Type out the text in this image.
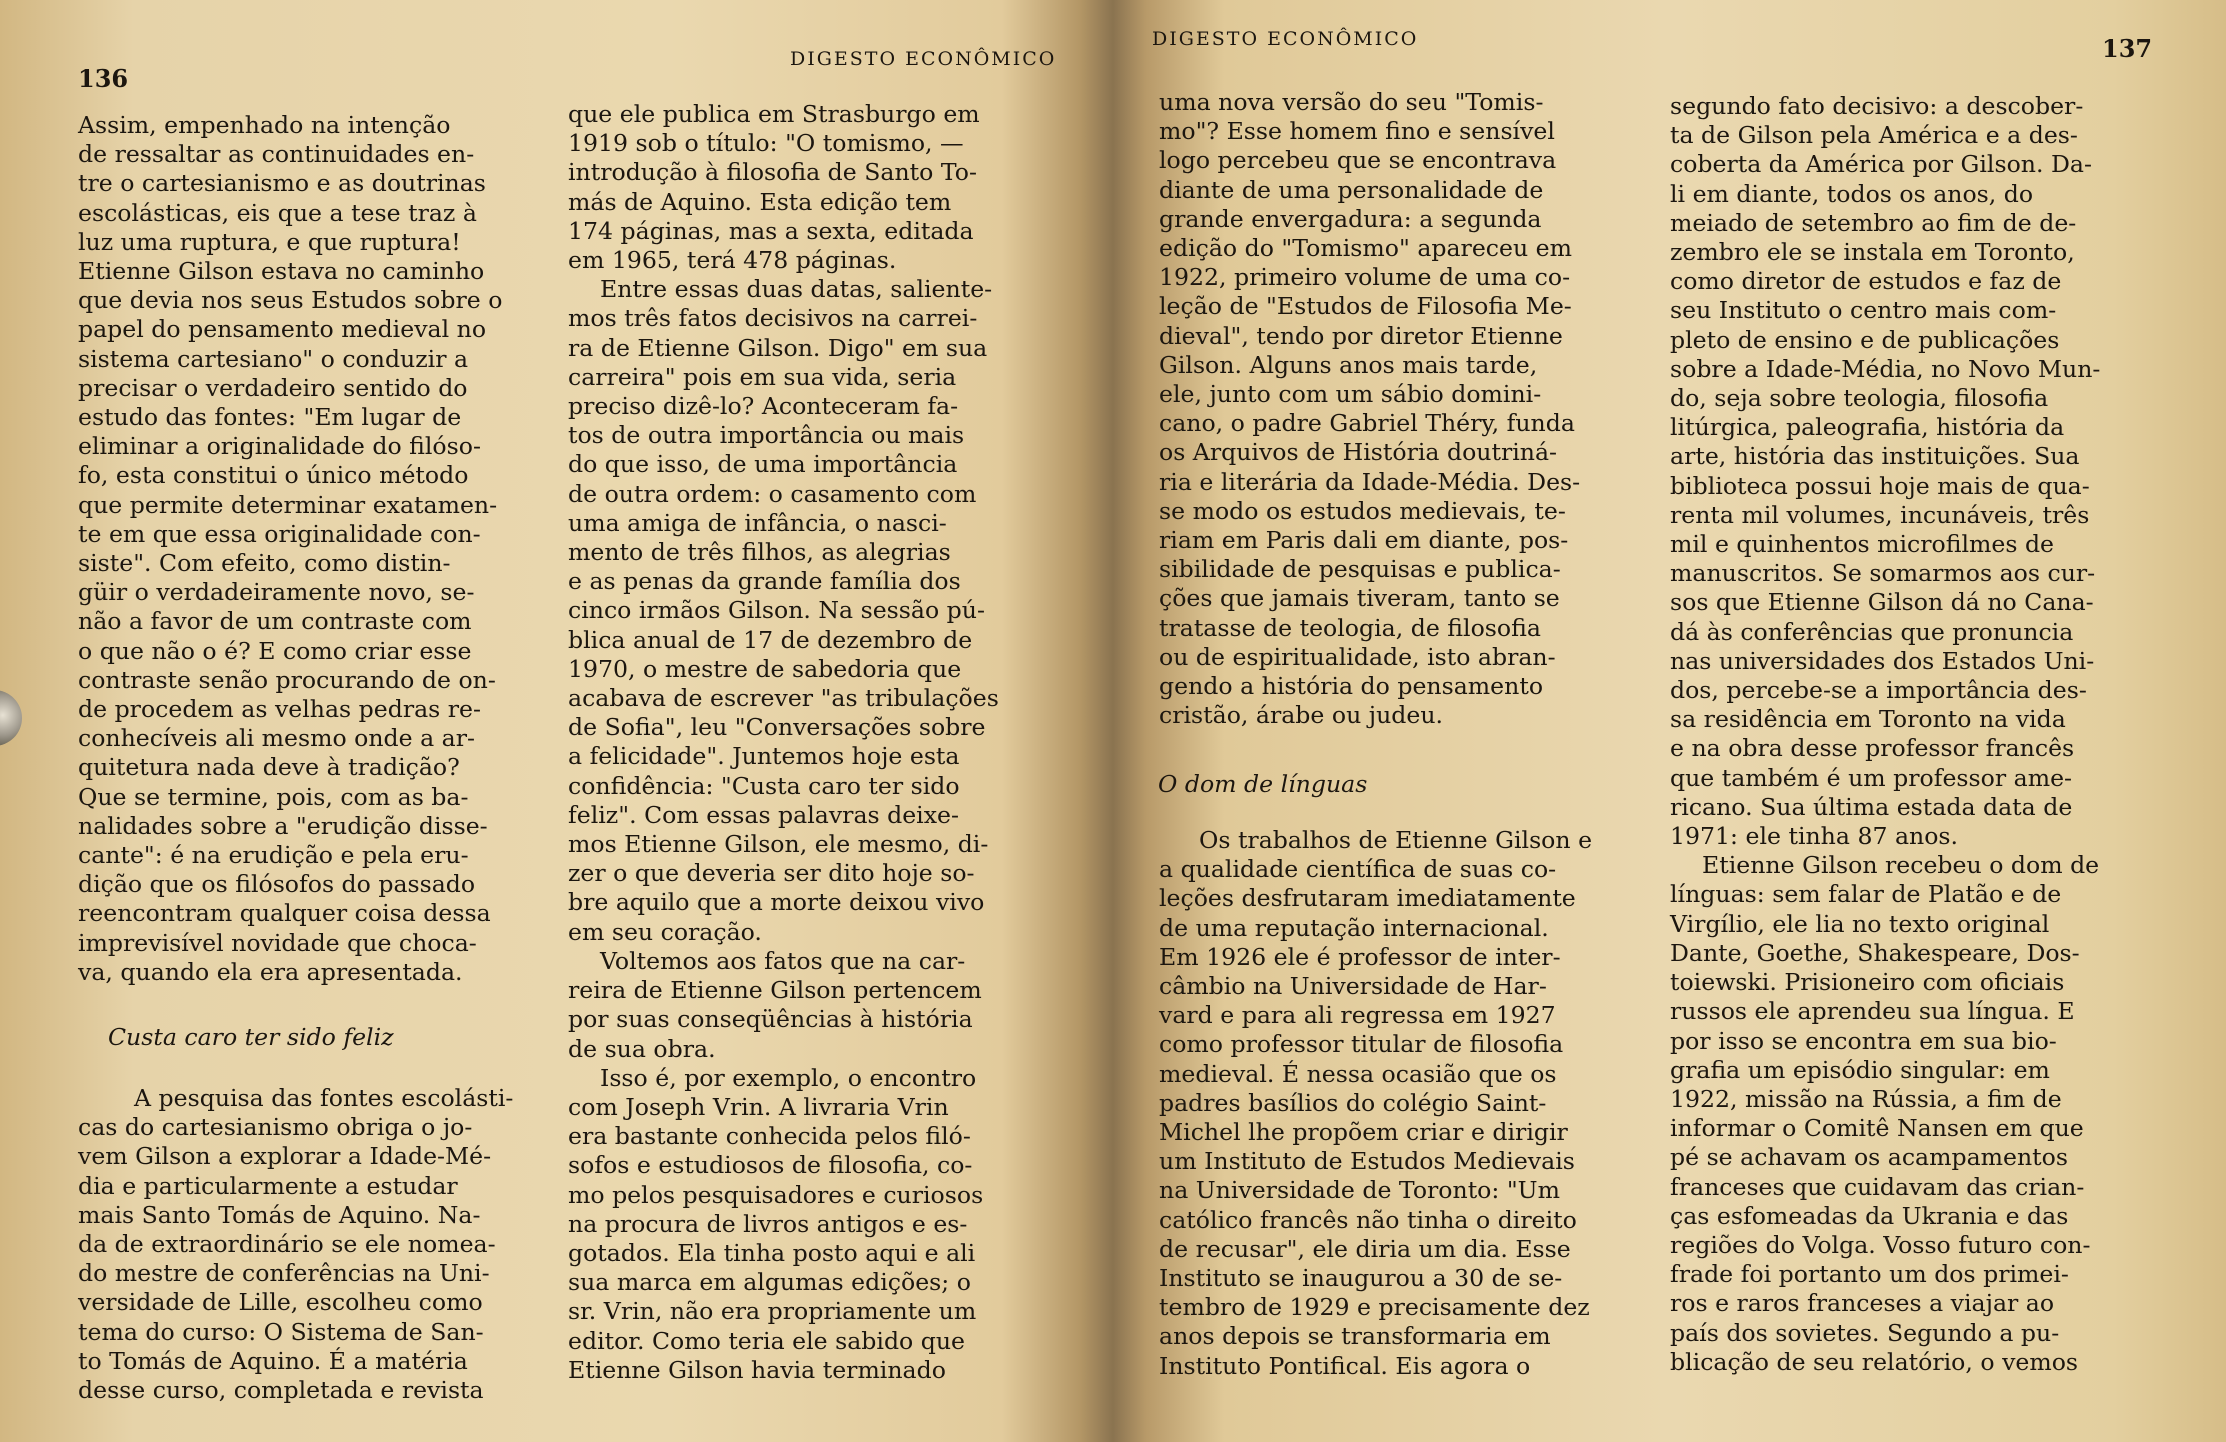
136
DIGESTO ECONÔMICO

Assim, empenhado na intenção
de ressaltar as continuidades en-
tre o cartesianismo e as doutrinas
escolásticas, eis que a tese traz à
luz uma ruptura, e que ruptura!
Etienne Gilson estava no caminho
que devia nos seus Estudos sobre o
papel do pensamento medieval no
sistema cartesiano" o conduzir a
precisar o verdadeiro sentido do
estudo das fontes: "Em lugar de
eliminar a originalidade do filóso-
fo, esta constitui o único método
que permite determinar exatamen-
te em que essa originalidade con-
siste". Com efeito, como distin-
güir o verdadeiramente novo, se-
não a favor de um contraste com
o que não o é? E como criar esse
contraste senão procurando de on-
de procedem as velhas pedras re-
conhecíveis ali mesmo onde a ar-
quitetura nada deve à tradição?
Que se termine, pois, com as ba-
nalidades sobre a "erudição disse-
cante": é na erudição e pela eru-
dição que os filósofos do passado
reencontram qualquer coisa dessa
imprevisível novidade que choca-
va, quando ela era apresentada.

Custa caro ter sido feliz

A pesquisa das fontes escolásti-
cas do cartesianismo obriga o jo-
vem Gilson a explorar a Idade-Mé-
dia e particularmente a estudar
mais Santo Tomás de Aquino. Na-
da de extraordinário se ele nomea-
do mestre de conferências na Uni-
versidade de Lille, escolheu como
tema do curso: O Sistema de San-
to Tomás de Aquino. É a matéria
desse curso, completada e revista

que ele publica em Strasburgo em
1919 sob o título: "O tomismo, —
introdução à filosofia de Santo To-
más de Aquino. Esta edição tem
174 páginas, mas a sexta, editada
em 1965, terá 478 páginas.

Entre essas duas datas, saliente-
mos três fatos decisivos na carrei-
ra de Etienne Gilson. Digo" em sua
carreira" pois em sua vida, seria
preciso dizê-lo? Aconteceram fa-
tos de outra importância ou mais
do que isso, de uma importância
de outra ordem: o casamento com
uma amiga de infância, o nasci-
mento de três filhos, as alegrias
e as penas da grande família dos
cinco irmãos Gilson. Na sessão pú-
blica anual de 17 de dezembro de
1970, o mestre de sabedoria que
acabava de escrever "as tribulações
de Sofia", leu "Conversações sobre
a felicidade". Juntemos hoje esta
confidência: "Custa caro ter sido
feliz". Com essas palavras deixe-
mos Etienne Gilson, ele mesmo, di-
zer o que deveria ser dito hoje so-
bre aquilo que a morte deixou vivo
em seu coração.

Voltemos aos fatos que na car-
reira de Etienne Gilson pertencem
por suas conseqüências à história
de sua obra.

Isso é, por exemplo, o encontro
com Joseph Vrin. A livraria Vrin
era bastante conhecida pelos filó-
sofos e estudiosos de filosofia, co-
mo pelos pesquisadores e curiosos
na procura de livros antigos e es-
gotados. Ela tinha posto aqui e ali
sua marca em algumas edições; o
sr. Vrin, não era propriamente um
editor. Como teria ele sabido que
Etienne Gilson havia terminado

DIGESTO ECONÔMICO	137

uma nova versão do seu "Tomis-
mo"? Esse homem fino e sensível
logo percebeu que se encontrava
diante de uma personalidade de
grande envergadura: a segunda
edição do "Tomismo" apareceu em
1922, primeiro volume de uma co-
leção de "Estudos de Filosofia Me-
dieval", tendo por diretor Etienne
Gilson. Alguns anos mais tarde,
ele, junto com um sábio domini-
cano, o padre Gabriel Théry, funda
os Arquivos de História doutriná-
ria e literária da Idade-Média. Des-
se modo os estudos medievais, te-
riam em Paris dali em diante, pos-
sibilidade de pesquisas e publica-
ções que jamais tiveram, tanto se
tratasse de teologia, de filosofia
ou de espiritualidade, isto abran-
gendo a história do pensamento
cristão, árabe ou judeu.

O dom de línguas

Os trabalhos de Etienne Gilson e
a qualidade científica de suas co-
leções desfrutaram imediatamente
de uma reputação internacional.
Em 1926 ele é professor de inter-
câmbio na Universidade de Har-
vard e para ali regressa em 1927
como professor titular de filosofia
medieval. É nessa ocasião que os
padres basílios do colégio Saint-
Michel lhe propõem criar e dirigir
um Instituto de Estudos Medievais
na Universidade de Toronto: "Um
católico francês não tinha o direito
de recusar", ele diria um dia. Esse
Instituto se inaugurou a 30 de se-
tembro de 1929 e precisamente dez
anos depois se transformaria em
Instituto Pontifical. Eis agora o

segundo fato decisivo: a descober-
ta de Gilson pela América e a des-
coberta da América por Gilson. Da-
li em diante, todos os anos, do
meiado de setembro ao fim de de-
zembro ele se instala em Toronto,
como diretor de estudos e faz de
seu Instituto o centro mais com-
pleto de ensino e de publicações
sobre a Idade-Média, no Novo Mun-
do, seja sobre teologia, filosofia
litúrgica, paleografia, história da
arte, história das instituições. Sua
biblioteca possui hoje mais de qua-
renta mil volumes, incunáveis, três
mil e quinhentos microfilmes de
manuscritos. Se somarmos aos cur-
sos que Etienne Gilson dá no Cana-
dá às conferências que pronuncia
nas universidades dos Estados Uni-
dos, percebe-se a importância des-
sa residência em Toronto na vida
e na obra desse professor francês
que também é um professor ame-
ricano. Sua última estada data de
1971: ele tinha 87 anos.

Etienne Gilson recebeu o dom de
línguas: sem falar de Platão e de
Virgílio, ele lia no texto original
Dante, Goethe, Shakespeare, Dos-
toiewski. Prisioneiro com oficiais
russos ele aprendeu sua língua. E
por isso se encontra em sua bio-
grafia um episódio singular: em
1922, missão na Rússia, a fim de
informar o Comitê Nansen em que
pé se achavam os acampamentos
franceses que cuidavam das crian-
ças esfomeadas da Ukrania e das
regiões do Volga. Vosso futuro con-
frade foi portanto um dos primei-
ros e raros franceses a viajar ao
país dos sovietes. Segundo a pu-
blicação de seu relatório, o vemos
